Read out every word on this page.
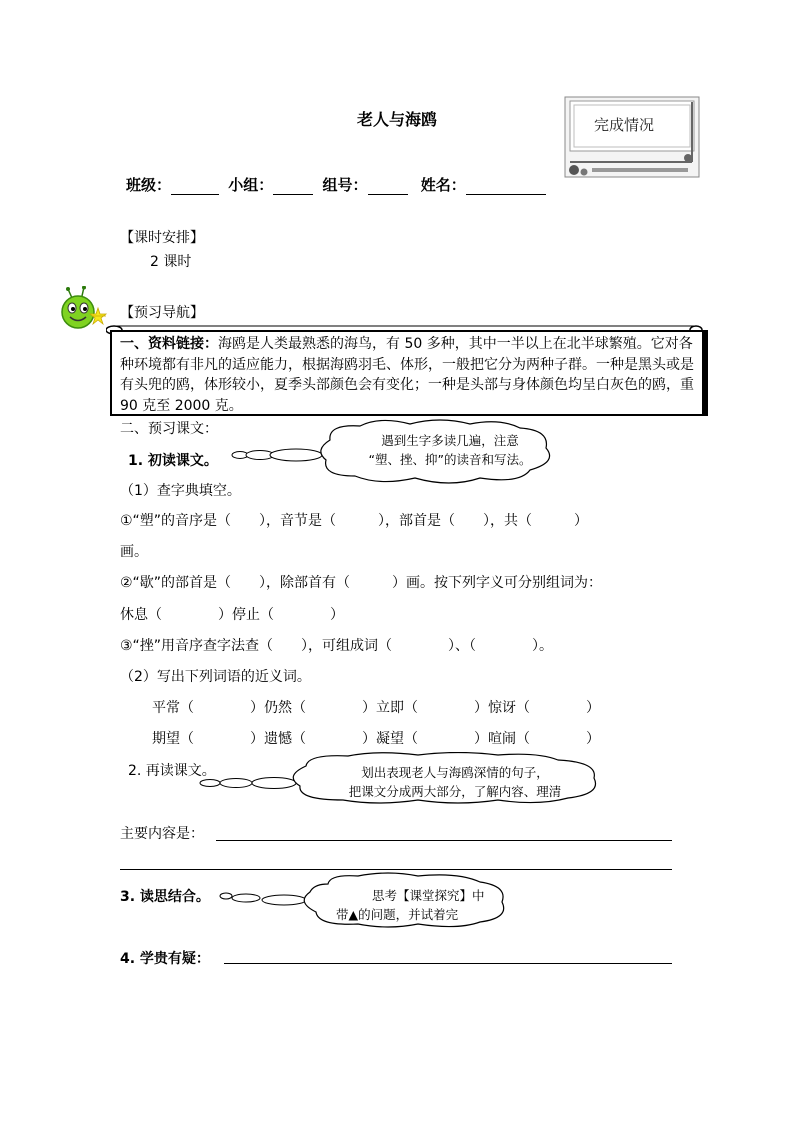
老人与海鸥	完成情况
班级：	小组：	组号：	姓名：
【课时安排】
2 课时
【预习导航】
一、资料链接：海鸥是人类最熟悉的海鸟，有 50 多种，其中一半以上在北半球繁殖。它对各种环境都有非凡的适应能力，根据海鸥羽毛、体形，一般把它分为两种子群。一种是黑头或是有头兜的鸥，体形较小，夏季头部颜色会有变化；一种是头部与身体颜色均呈白灰色的鸥，重 90 克至 2000 克。
二、预习课文：
1. 初读课文。
遇到生字多读几遍，注意
“塑、挫、抑”的读音和写法。
（1）查字典填空。
①“塑”的音序是（　　），音节是（　　　），部首是（　　），共（　　　）
画。
②“歇”的部首是（　　），除部首有（　　　）画。按下列字义可分别组词为：
休息（　　　　）停止（　　　　）
③“挫”用音序查字法查（　　），可组成词（　　　　）、（　　　　）。
（2）写出下列词语的近义词。
平常（　　　　）仍然（　　　　）立即（　　　　）惊讶（　　　　）
期望（　　　　）遗憾（　　　　）凝望（　　　　）喧闹（　　　　）
2. 再读课文。	划出表现老人与海鸥深情的句子，
把课文分成两大部分，了解内容、理清
主要内容是：
3. 读思结合。	思考【课堂探究】中
带▲的问题，并试着完
4. 学贵有疑：
